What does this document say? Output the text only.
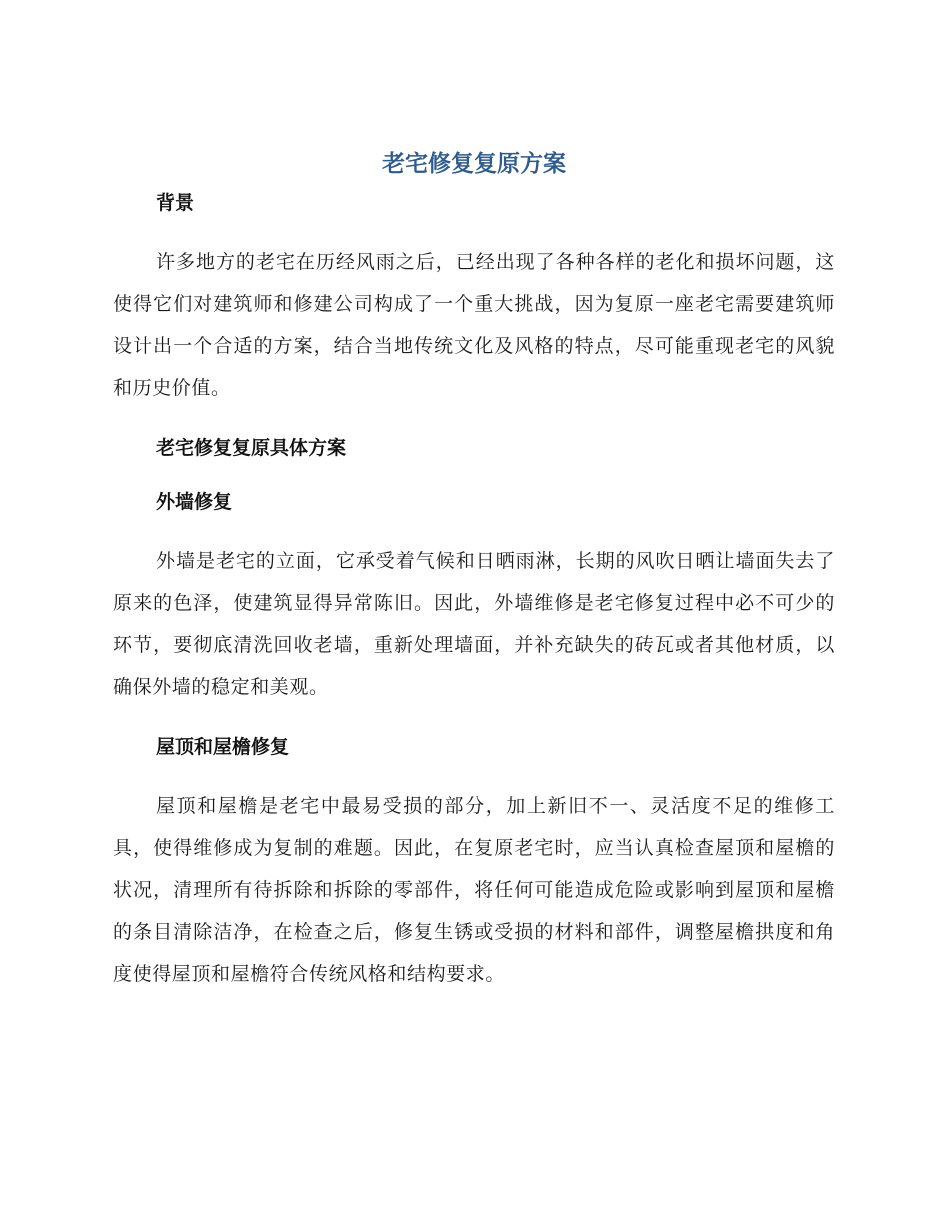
老宅修复复原方案
背景

许多地方的老宅在历经风雨之后，已经出现了各种各样的老化和损坏问题，这使得它们对建筑师和修建公司构成了一个重大挑战，因为复原一座老宅需要建筑师设计出一个合适的方案，结合当地传统文化及风格的特点，尽可能重现老宅的风貌和历史价值。

老宅修复复原具体方案
外墙修复

外墙是老宅的立面，它承受着气候和日晒雨淋，长期的风吹日晒让墙面失去了原来的色泽，使建筑显得异常陈旧。因此，外墙维修是老宅修复过程中必不可少的环节，要彻底清洗回收老墙，重新处理墙面，并补充缺失的砖瓦或者其他材质，以确保外墙的稳定和美观。

屋顶和屋檐修复

屋顶和屋檐是老宅中最易受损的部分，加上新旧不一、灵活度不足的维修工具，使得维修成为复制的难题。因此，在复原老宅时，应当认真检查屋顶和屋檐的状况，清理所有待拆除和拆除的零部件，将任何可能造成危险或影响到屋顶和屋檐的条目清除洁净，在检查之后，修复生锈或受损的材料和部件，调整屋檐拱度和角度使得屋顶和屋檐符合传统风格和结构要求。
